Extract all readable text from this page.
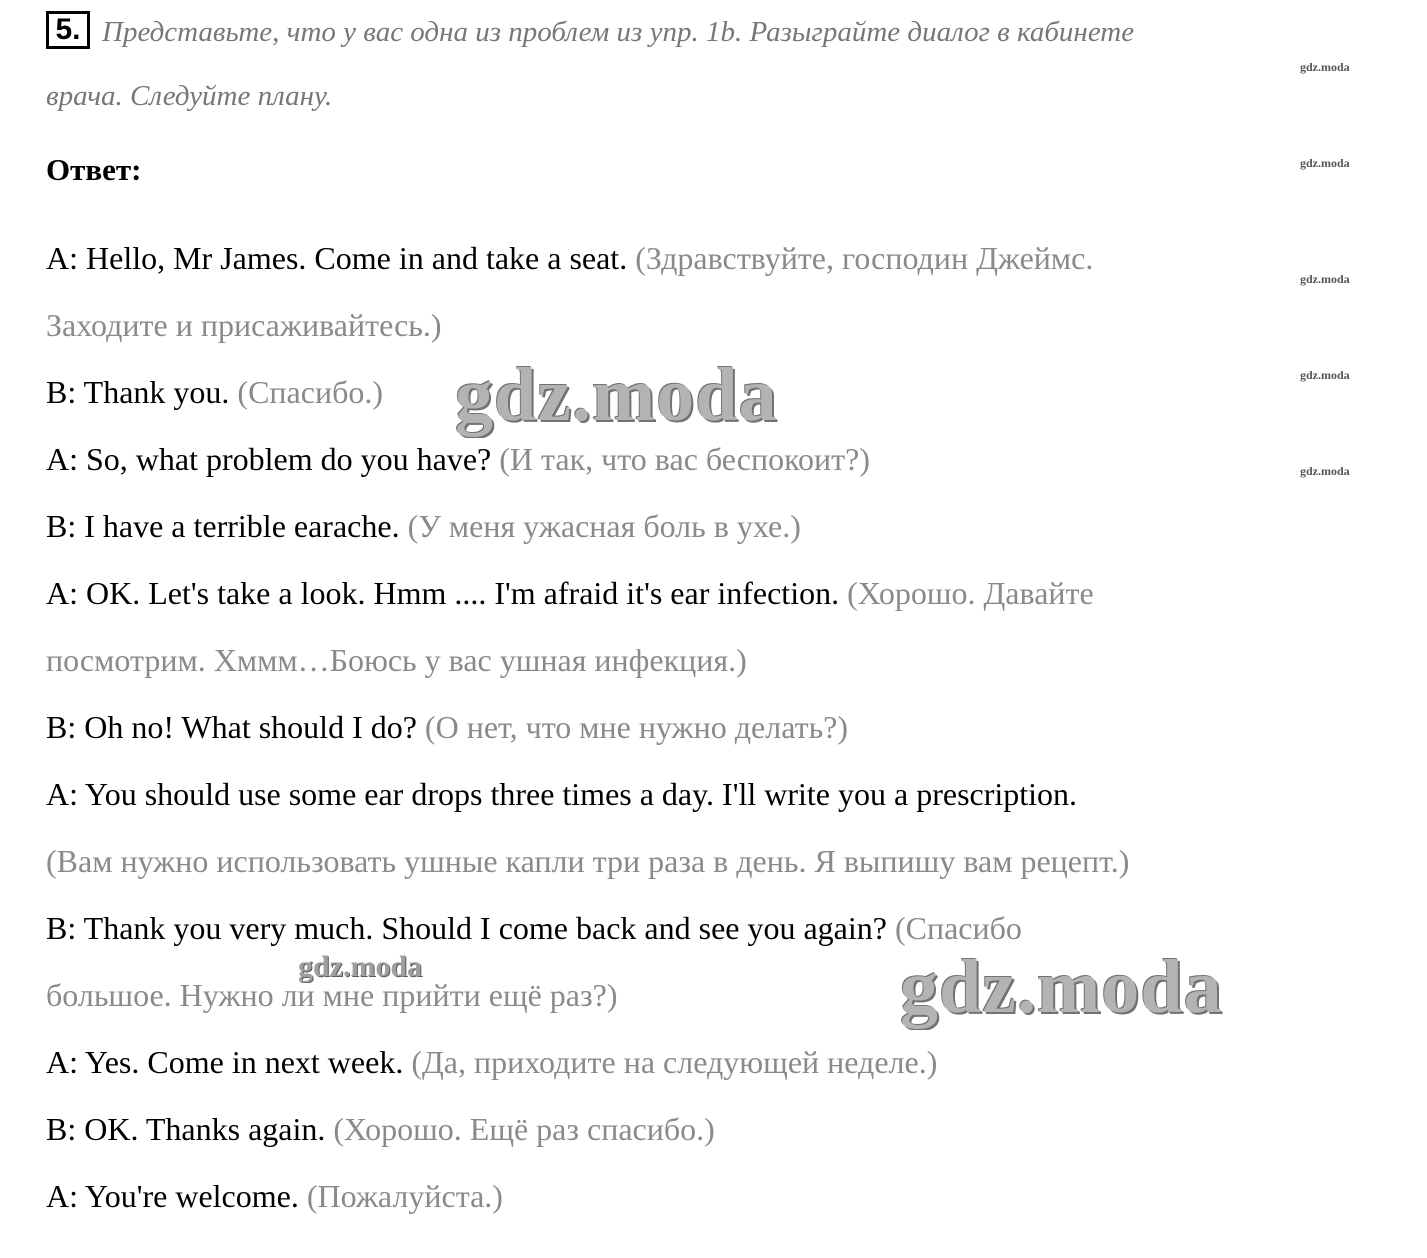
5. Представьте, что у вас одна из проблем из упр. 1b. Разыграйте диалог в кабинете
врача. Следуйте плану.
Ответ:
A: Hello, Mr James. Come in and take a seat. (Здравствуйте, господин Джеймс.
Заходите и присаживайтесь.)
B: Thank you. (Спасибо.)
A: So, what problem do you have? (И так, что вас беспокоит?)
B: I have a terrible earache. (У меня ужасная боль в ухе.)
A: OK. Let's take a look. Hmm .... I'm afraid it's ear infection. (Хорошо. Давайте
посмотрим. Хммм…Боюсь у вас ушная инфекция.)
B: Oh no! What should I do? (О нет, что мне нужно делать?)
A: You should use some ear drops three times a day. I'll write you a prescription.
(Вам нужно использовать ушные капли три раза в день. Я выпишу вам рецепт.)
B: Thank you very much. Should I come back and see you again? (Спасибо
большое. Нужно ли мне прийти ещё раз?)
A: Yes. Come in next week. (Да, приходите на следующей неделе.)
B: OK. Thanks again. (Хорошо. Ещё раз спасибо.)
A: You're welcome. (Пожалуйста.)
gdz.moda
gdz.moda
gdz.moda
gdz.moda
gdz.moda
gdz.moda
gdz.moda
gdz.moda
